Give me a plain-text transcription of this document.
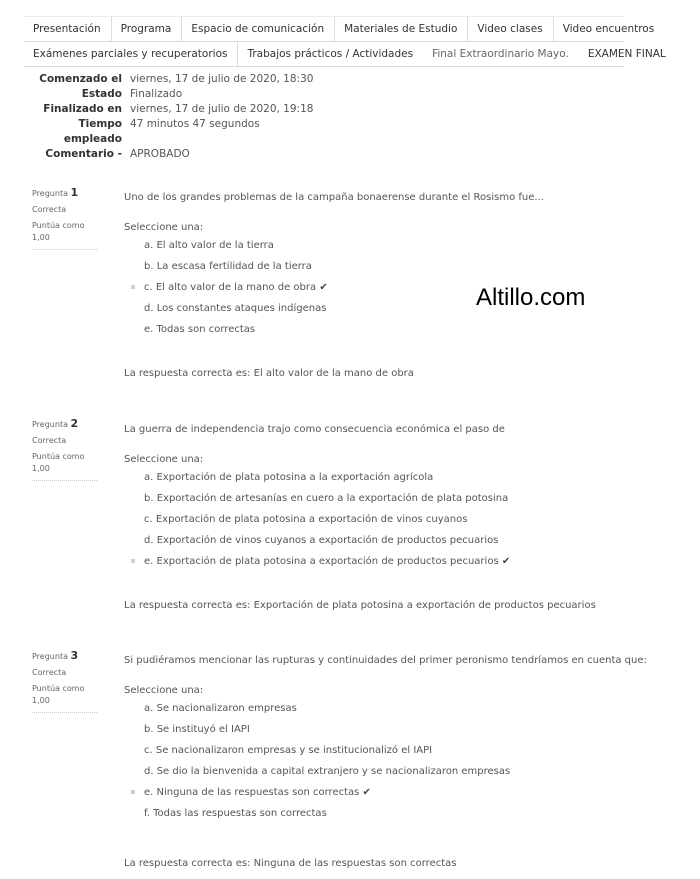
Presentación	Programa	Espacio de comunicación	Materiales de Estudio	Video clases	Video encuentros
Exámenes parciales y recuperatorios	Trabajos prácticos / Actividades	Final Extraordinario Mayo.	EXAMEN FINAL
Comenzado el viernes, 17 de julio de 2020, 18:30
Estado Finalizado
Finalizado en viernes, 17 de julio de 2020, 19:18
Tiempo
empleado
47 minutos 47 segundos
Comentario - APROBADO
Altillo.com
Pregunta 1
Correcta
Puntúa como
1,00
Uno de los grandes problemas de la campaña bonaerense durante el Rosismo fue...
Seleccione una:
a. El alto valor de la tierra
b. La escasa fertilidad de la tierra
c. El alto valor de la mano de obra ✔
d. Los constantes ataques indígenas
e. Todas son correctas
La respuesta correcta es: El alto valor de la mano de obra
Pregunta 2
Correcta
Puntúa como
1,00
La guerra de independencia trajo como consecuencia económica el paso de
Seleccione una:
a. Exportación de plata potosina a la exportación agrícola
b. Exportación de artesanías en cuero a la exportación de plata potosina
c. Exportación de plata potosina a exportación de vinos cuyanos
d. Exportación de vinos cuyanos a exportación de productos pecuarios
e. Exportación de plata potosina a exportación de productos pecuarios ✔
La respuesta correcta es: Exportación de plata potosina a exportación de productos pecuarios
Pregunta 3
Correcta
Puntúa como
1,00
Si pudiéramos mencionar las rupturas y continuidades del primer peronismo tendríamos en cuenta que:
Seleccione una:
a. Se nacionalizaron empresas
b. Se instituyó el IAPI
c. Se nacionalizaron empresas y se institucionalizó el IAPI
d. Se dio la bienvenida a capital extranjero y se nacionalizaron empresas
e. Ninguna de las respuestas son correctas ✔
f. Todas las respuestas son correctas
La respuesta correcta es: Ninguna de las respuestas son correctas
